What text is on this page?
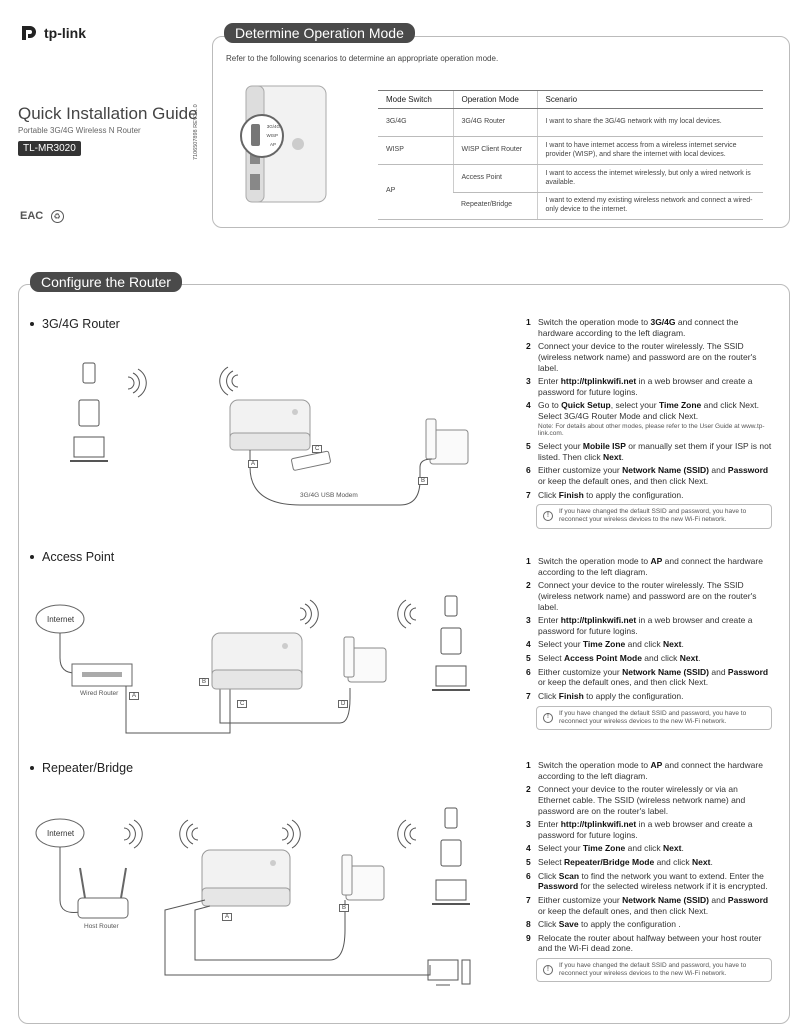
tp-link
Quick Installation Guide
Portable 3G/4G Wireless N Router
TL-MR3020
EAC ♻
7106507898 REV3.1.0
Determine Operation Mode
Refer to the following scenarios to determine an appropriate operation mode.
3G/4G
WISP
AP
Mode Switch	Operation Mode	Scenario
3G/4G	3G/4G Router	I want to share the 3G/4G network with my local devices.
WISP	WISP Client Router	I want to have internet access from a wireless internet service provider (WISP), and share the internet with local devices.
AP	Access Point	I want to access the internet wirelessly, but only a wired network is available.
	Repeater/Bridge	I want to extend my existing wireless network and connect a wired-only device to the internet.
Configure the Router
3G/4G Router
A
C
B
3G/4G USB Modem
1 Switch the operation mode to 3G/4G and connect the hardware according to the left diagram.
2 Connect your device to the router wirelessly. The SSID (wireless network name) and password are on the router's label.
3 Enter http://tplinkwifi.net in a web browser and create a password for future logins.
4 Go to Quick Setup, select your Time Zone and click Next. Select 3G/4G Router Mode and click Next.
Note: For details about other modes, please refer to the User Guide at www.tp-link.com.
5 Select your Mobile ISP or manually set them if your ISP is not listed. Then click Next.
6 Either customize your Network Name (SSID) and Password or keep the default ones, and then click Next.
7 Click Finish to apply the configuration.
!
If you have changed the default SSID and password, you have to reconnect your wireless devices to the new Wi-Fi network.
Access Point
Internet
Wired Router	A
B
C	D
1 Switch the operation mode to AP and connect the hardware according to the left diagram.
2 Connect your device to the router wirelessly. The SSID (wireless network name) and password are on the router's label.
3 Enter http://tplinkwifi.net in a web browser and create a password for future logins.
4 Select your Time Zone and click Next.
5 Select Access Point Mode and click Next.
6 Either customize your Network Name (SSID) and Password or keep the default ones, and then click Next.
7 Click Finish to apply the configuration.
!
If you have changed the default SSID and password, you have to reconnect your wireless devices to the new Wi-Fi network.
Repeater/Bridge
Internet
Host Router
A
B
1 Switch the operation mode to AP and connect the hardware according to the left diagram.
2 Connect your device to the router wirelessly or via an Ethernet cable. The SSID (wireless network name) and password are on the router's label.
3 Enter http://tplinkwifi.net in a web browser and create a password for future logins.
4 Select your Time Zone and click Next.
5 Select Repeater/Bridge Mode and click Next.
6 Click Scan to find the network you want to extend. Enter the Password for the selected wireless network if it is encrypted.
7 Either customize your Network Name (SSID) and Password or keep the default ones, and then click Next.
8 Click Save to apply the configuration .
9 Relocate the router about halfway between your host router and the Wi-Fi dead zone.
!
If you have changed the default SSID and password, you have to reconnect your wireless devices to the new Wi-Fi network.
